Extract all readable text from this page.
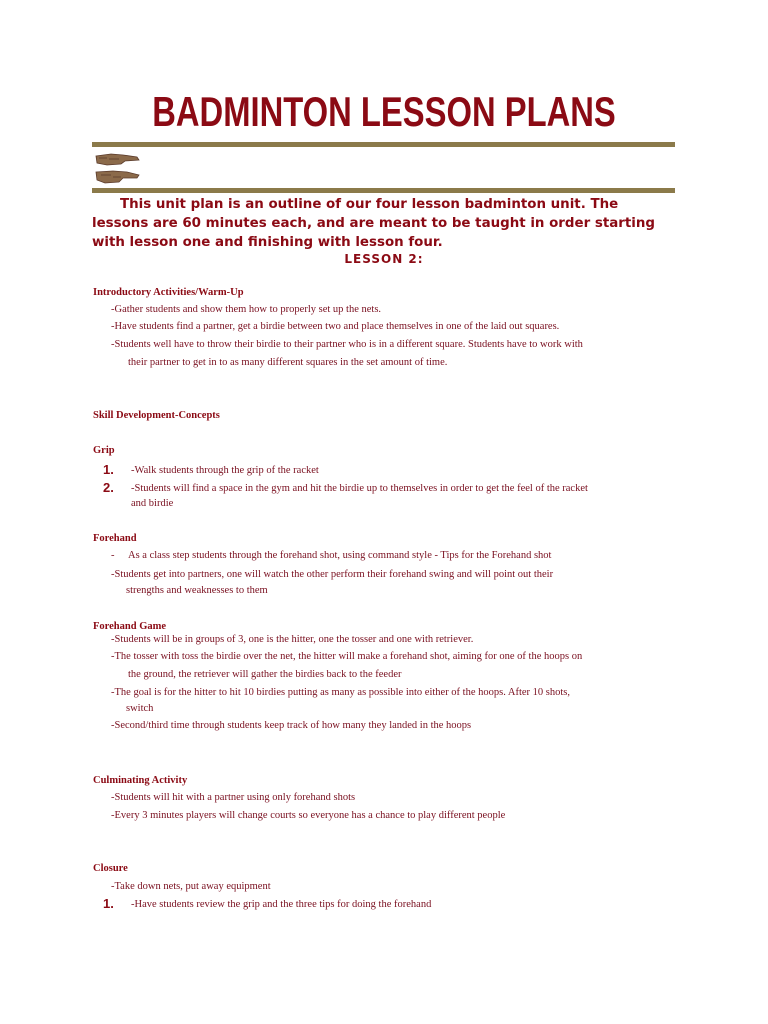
BADMINTON LESSON PLANS
This unit plan is an outline of our four lesson badminton unit. The lessons are 60 minutes each, and are meant to be taught in order starting with lesson one and finishing with lesson four.
LESSON 2:
Introductory Activities/Warm-Up
-Gather students and show them how to properly set up the nets.
-Have students find a partner, get a birdie between two and place themselves in one of the laid out squares.
-Students well have to throw their birdie to their partner who is in a different square. Students have to work with
their partner to get in to as many different squares in the set amount of time.
Skill Development-Concepts
Grip
1. -Walk students through the grip of the racket
2. -Students will find a space in the gym and hit the birdie up to themselves in order to get the feel of the racket
and birdie
Forehand
- As a class step students through the forehand shot, using command style - Tips for the Forehand shot
-Students get into partners, one will watch the other perform their forehand swing and will point out their
strengths and weaknesses to them
Forehand Game
-Students will be in groups of 3, one is the hitter, one the tosser and one with retriever.
-The tosser with toss the birdie over the net, the hitter will make a forehand shot, aiming for one of the hoops on
the ground, the retriever will gather the birdies back to the feeder
-The goal is for the hitter to hit 10 birdies putting as many as possible into either of the hoops. After 10 shots,
switch
-Second/third time through students keep track of how many they landed in the hoops
Culminating Activity
-Students will hit with a partner using only forehand shots
-Every 3 minutes players will change courts so everyone has a chance to play different people
Closure
-Take down nets, put away equipment
1. -Have students review the grip and the three tips for doing the forehand
